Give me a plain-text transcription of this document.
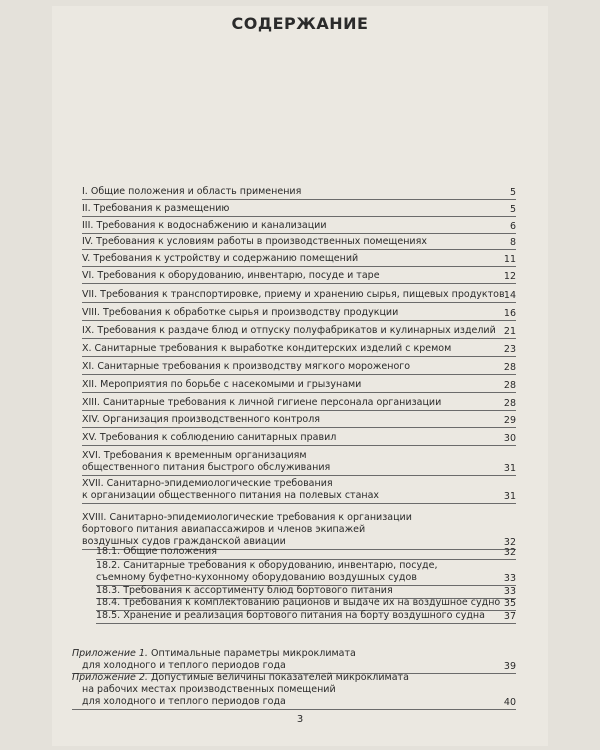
СОДЕРЖАНИЕ
I. Общие положения и область применения	5
II. Требования к размещению	5
III. Требования к водоснабжению и канализации	6
IV. Требования к условиям работы в производственных помещениях	8
V. Требования к устройству и содержанию помещений	11
VI. Требования к оборудованию, инвентарю, посуде и таре	12
VII. Требования к транспортировке, приему и хранению сырья, пищевых продуктов 14
VIII. Требования к обработке сырья и производству продукции	16
IX. Требования к раздаче блюд и отпуску полуфабрикатов и кулинарных изделий 21
X. Санитарные требования к выработке кондитерских изделий с кремом	23
XI. Санитарные требования к производству мягкого мороженого	28
XII. Мероприятия по борьбе с насекомыми и грызунами	28
XIII. Санитарные требования к личной гигиене персонала организации	28
XIV. Организация производственного контроля	29
XV. Требования к соблюдению санитарных правил	30
XVI. Требования к временным организациям
общественного питания быстрого обслуживания	31
XVII. Санитарно-эпидемиологические требования
к организации общественного питания на полевых станах	31
XVIII. Санитарно-эпидемиологические требования к организации
бортового питания авиапассажиров и членов экипажей
воздушных судов гражданской авиации	32
18.1. Общие положения	32
18.2. Санитарные требования к оборудованию, инвентарю, посуде,
съемному буфетно-кухонному оборудованию воздушных судов	33
18.3. Требования к ассортименту блюд бортового питания	33
18.4. Требования к комплектованию рационов и выдаче их на воздушное судно 35
18.5. Хранение и реализация бортового питания на борту воздушного судна	37
Приложение 1. Оптимальные параметры микроклимата
для холодного и теплого периодов года	39
Приложение 2. Допустимые величины показателей микроклимата
на рабочих местах производственных помещений
для холодного и теплого периодов года	40
3
